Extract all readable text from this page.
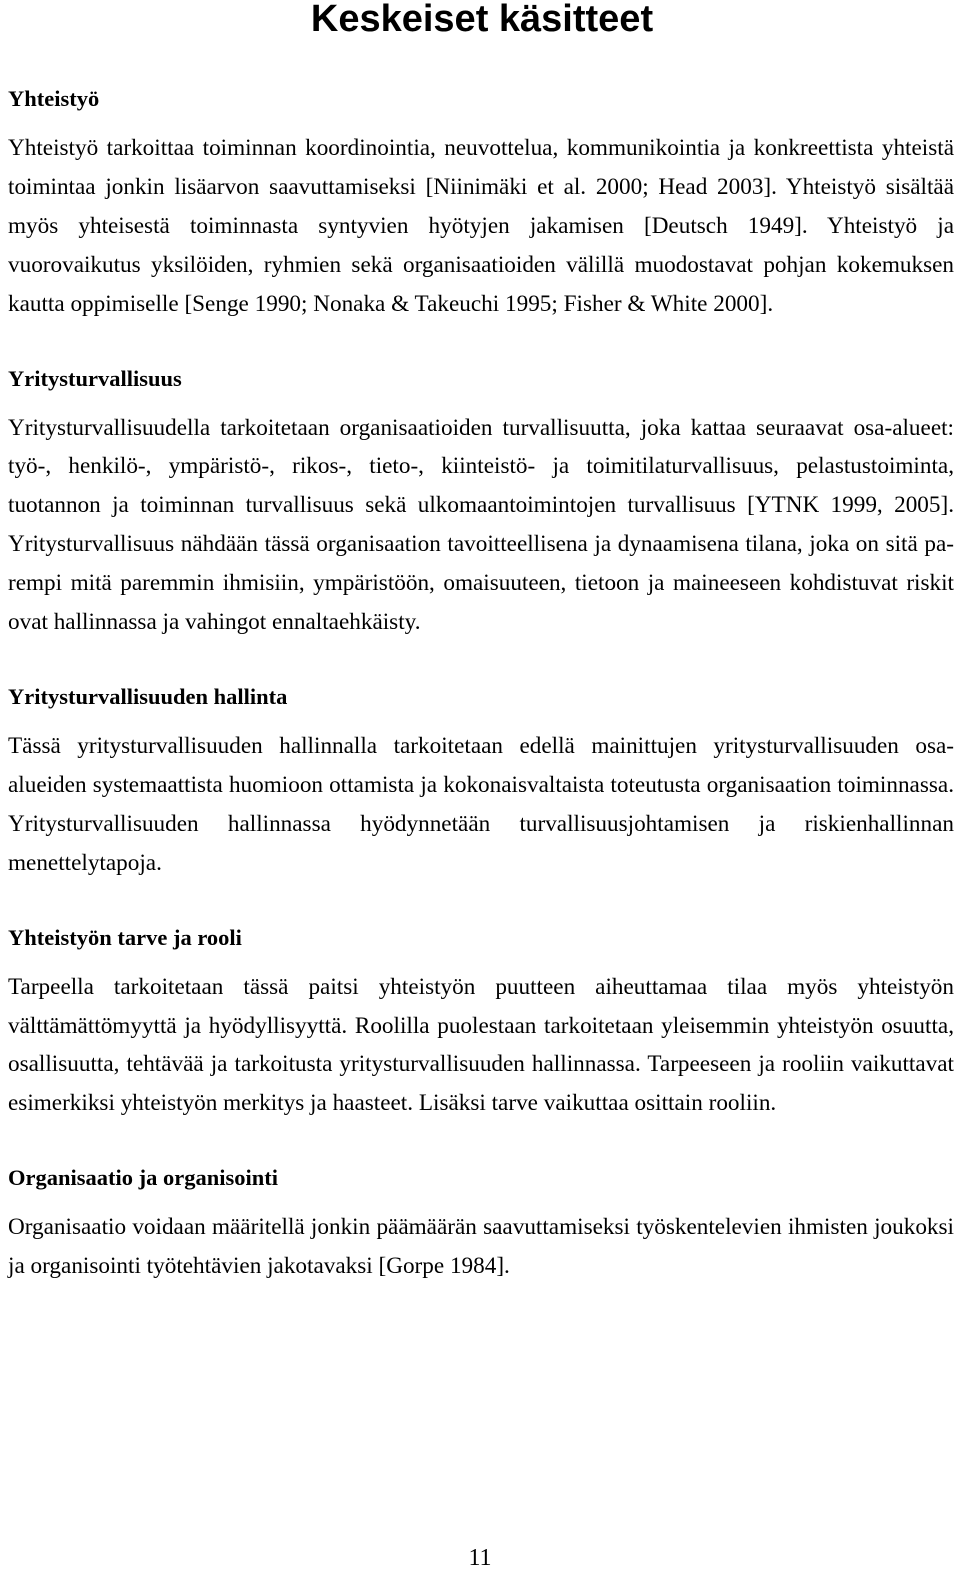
Keskeiset käsitteet
Yhteistyö

Yhteistyö tarkoittaa toiminnan koordinointia, neuvottelua, kommunikointia ja konkreettista yhteistä toimintaa jonkin lisäarvon saavuttamiseksi [Niinimäki et al. 2000; Head 2003]. Yhteistyö sisältää myös yhteisestä toiminnasta syntyvien hyötyjen jakamisen [Deutsch 1949]. Yhteistyö ja vuorovaikutus yksilöiden, ryhmien sekä organisaatioiden välillä muodostavat pohjan kokemuksen kautta oppimiselle [Senge 1990; Nonaka & Takeuchi 1995; Fisher & White 2000].

Yritysturvallisuus

Yritysturvallisuudella tarkoitetaan organisaatioiden turvallisuutta, joka kattaa seuraavat osa-alueet: työ-, henkilö-, ympäristö-, rikos-, tieto-, kiinteistö- ja toimitilaturvallisuus, pelastustoiminta, tuotannon ja toiminnan turvallisuus sekä ulkomaantoimintojen turvallisuus [YTNK 1999, 2005]. Yritysturvallisuus nähdään tässä organisaation tavoitteellisena ja dynaamisena tilana, joka on sitä parempi mitä paremmin ihmisiin, ympäristöön, omaisuuteen, tietoon ja maineeseen kohdistuvat riskit ovat hallinnassa ja vahingot ennaltaehkäisty.

Yritysturvallisuuden hallinta

Tässä yritysturvallisuuden hallinnalla tarkoitetaan edellä mainittujen yritysturvallisuuden osa-alueiden systemaattista huomioon ottamista ja kokonaisvaltaista toteutusta organisaation toiminnassa. Yritysturvallisuuden hallinnassa hyödynnetään turvallisuusjohtamisen ja riskienhallinnan menettelytapoja.

Yhteistyön tarve ja rooli

Tarpeella tarkoitetaan tässä paitsi yhteistyön puutteen aiheuttamaa tilaa myös yhteistyön välttämättömyyttä ja hyödyllisyyttä. Roolilla puolestaan tarkoitetaan yleisemmin yhteistyön osuutta, osallisuutta, tehtävää ja tarkoitusta yritysturvallisuuden hallinnassa. Tarpeeseen ja rooliin vaikuttavat esimerkiksi yhteistyön merkitys ja haasteet. Lisäksi tarve vaikuttaa osittain rooliin.

Organisaatio ja organisointi

Organisaatio voidaan määritellä jonkin päämäärän saavuttamiseksi työskentelevien ihmisten joukoksi ja organisointi työtehtävien jakotavaksi [Gorpe 1984].

11
